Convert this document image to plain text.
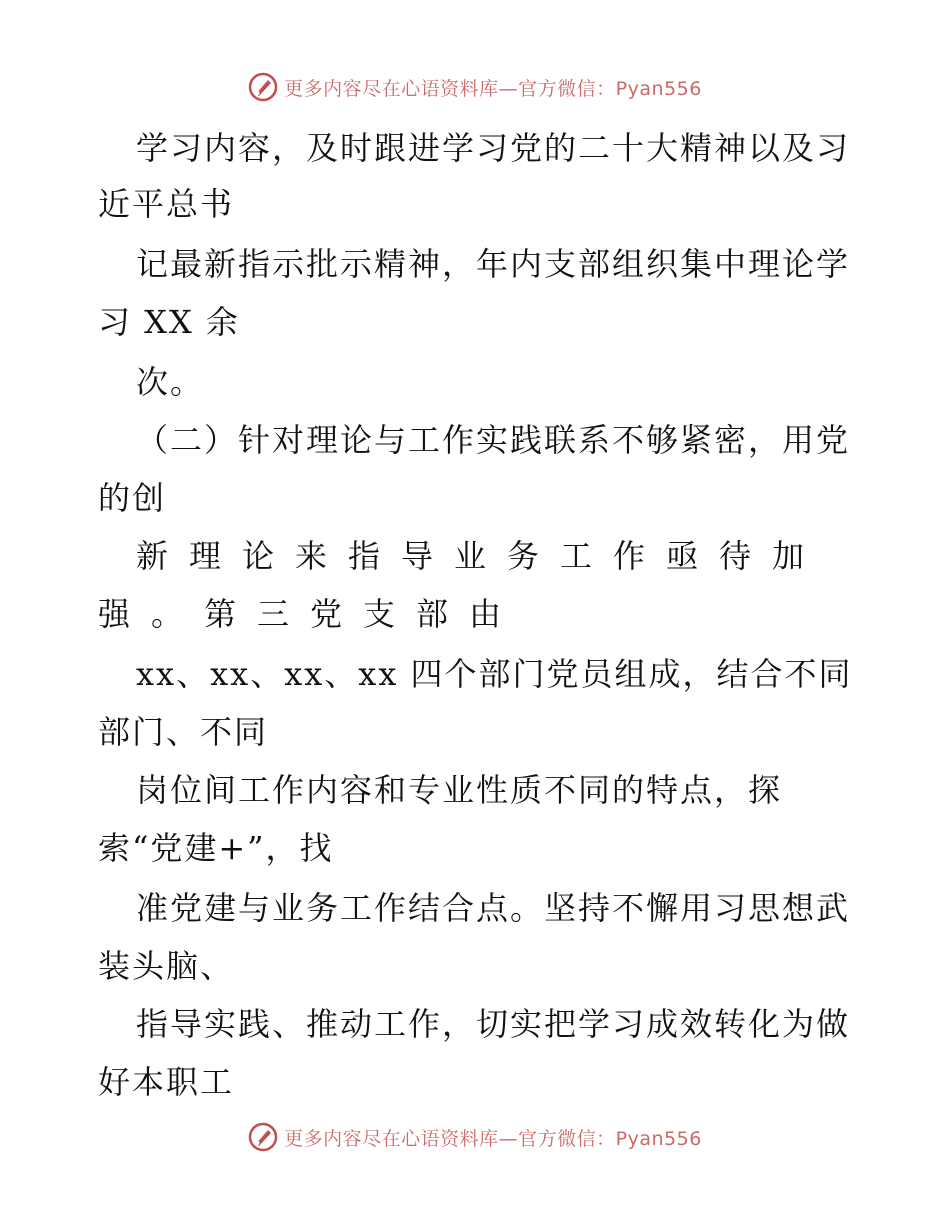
更多内容尽在心语资料库—官方微信：Pyan556
学习内容，及时跟进学习党的二十大精神以及习
近平总书
记最新指示批示精神，年内支部组织集中理论学
习 XX 余
次。
（二）针对理论与工作实践联系不够紧密，用党
的创
新理论来指导业务工作亟待加
强。第三党支部由
xx、xx、xx、xx 四个部门党员组成，结合不同
部门、不同
岗位间工作内容和专业性质不同的特点，探
索“党建+”，找
准党建与业务工作结合点。坚持不懈用习思想武
装头脑、
指导实践、推动工作，切实把学习成效转化为做
好本职工
更多内容尽在心语资料库—官方微信：Pyan556
